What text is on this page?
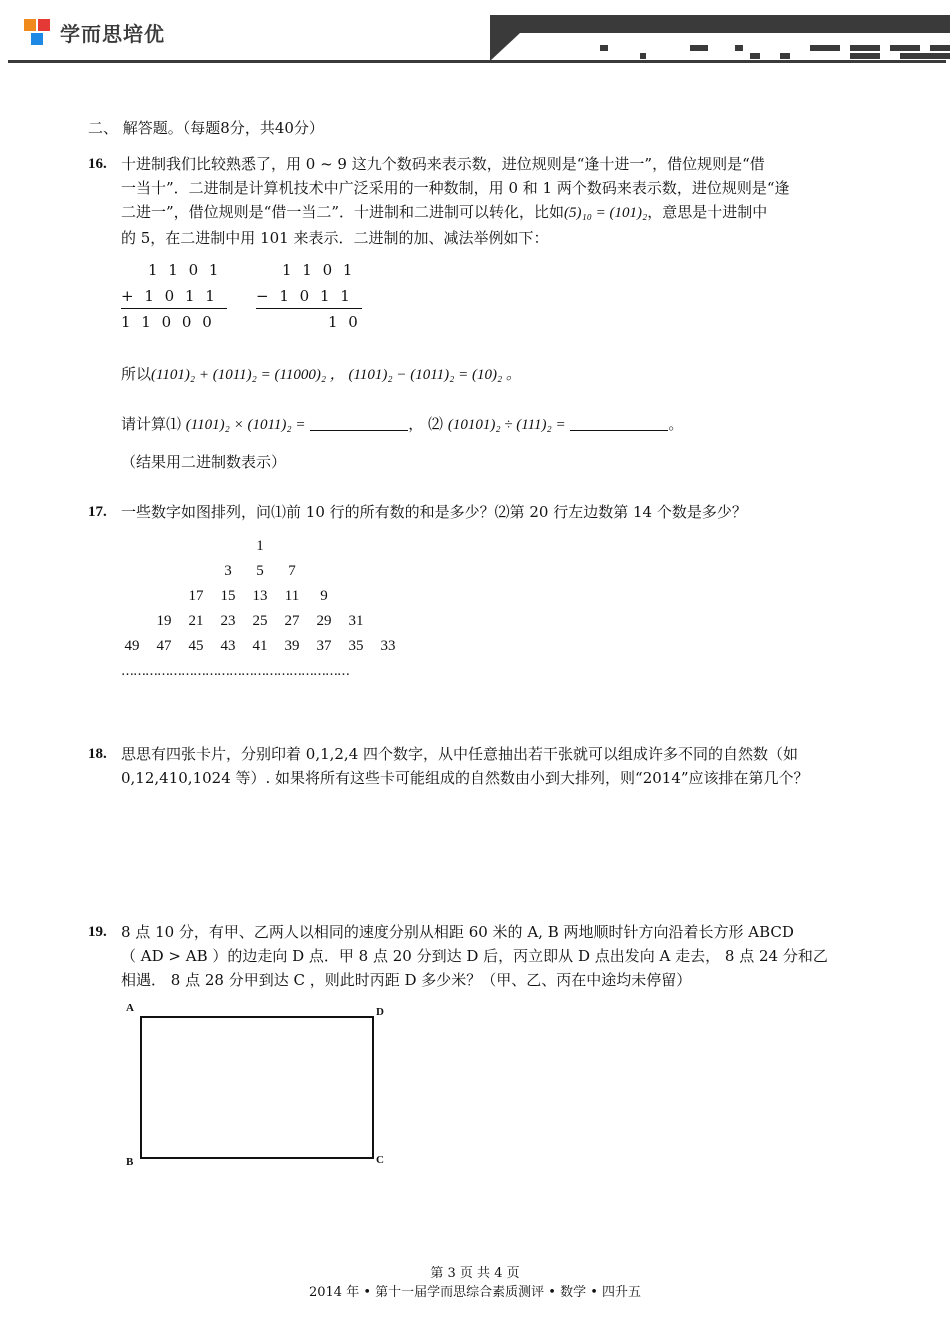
学而思培优
二、 解答题。（每题8分，共40分）
16. 十进制我们比较熟悉了，用 0 ~ 9 这九个数码来表示数，进位规则是“逢十进一”，借位规则是“借
一当十”．二进制是计算机技术中广泛采用的一种数制，用 0 和 1 两个数码来表示数，进位规则是“逢
二进一”，借位规则是“借一当二”．十进制和二进制可以转化，比如(5)₁₀ = (101)₂，意思是十进制中
的 5，在二进制中用 101 来表示．二进制的加、减法举例如下：
1 1 0 1
+ 1 0 1 1
1 1 0 0 0
1 1 0 1
− 1 0 1 1
1 0
所以(1101)₂ + (1011)₂ = (11000)₂ ， (1101)₂ − (1011)₂ = (10)₂ 。
请计算⑴ (1101)₂ × (1011)₂ =	， ⑵ (10101)₂ ÷ (111)₂ =	。
（结果用二进制数表示）
17. 一些数字如图排列，问⑴前 10 行的所有数的和是多少？⑵第 20 行左边数第 14 个数是多少？
1
3	5	7
17	15	13	11	9
19	21	23	25	27	29	31
49	47	45	43	41	39	37	35	33
…………………………………………………
18. 思思有四张卡片，分别印着 0,1,2,4 四个数字，从中任意抽出若干张就可以组成许多不同的自然数（如
0,12,410,1024 等）. 如果将所有这些卡可能组成的自然数由小到大排列，则“2014”应该排在第几个？
19. 8 点 10 分，有甲、乙两人以相同的速度分别从相距 60 米的 A, B 两地顺时针方向沿着长方形 ABCD
（ AD > AB ）的边走向 D 点．甲 8 点 20 分到达 D 后，丙立即从 D 点出发向 A 走去， 8 点 24 分和乙
相遇． 8 点 28 分甲到达 C ，则此时丙距 D 多少米？（甲、乙、丙在中途均未停留）
A	D
B	C
第 3 页 共 4 页
2014 年 • 第十一届学而思综合素质测评 • 数学 • 四升五
